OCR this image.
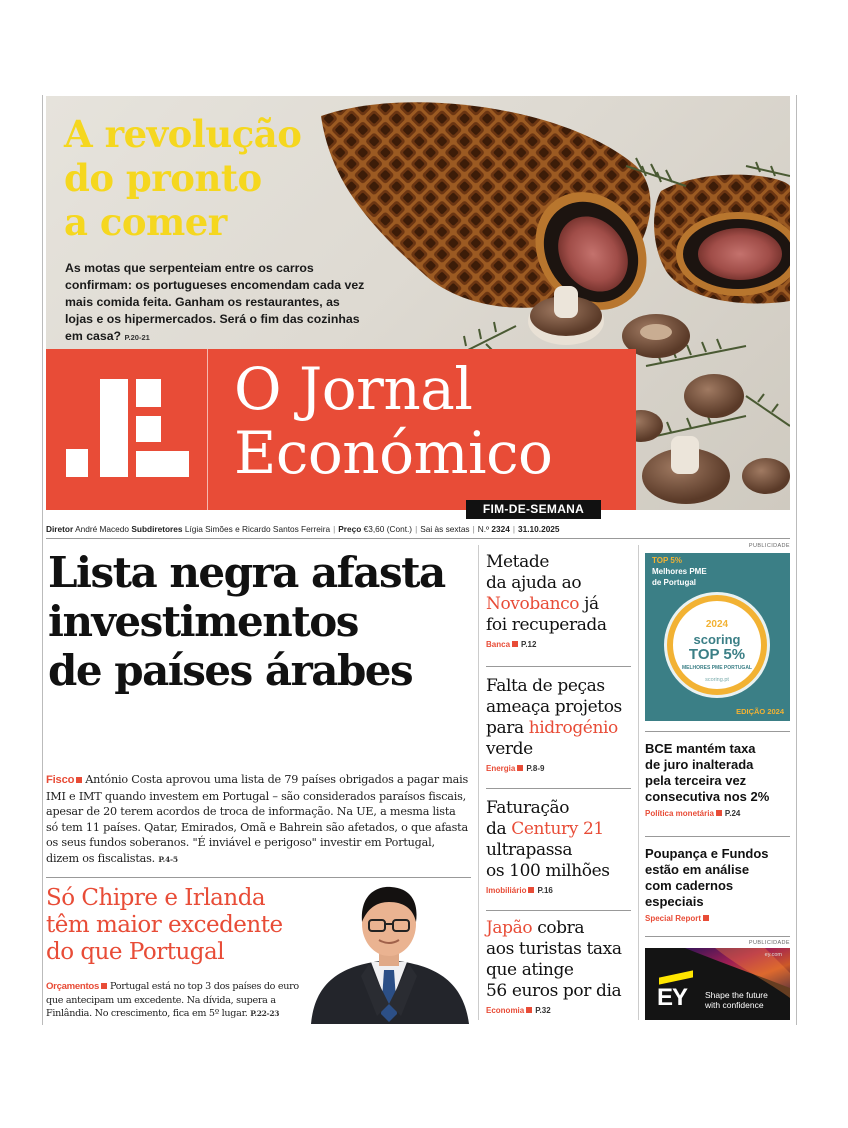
A revolução
do pronto
a comer
As motas que serpenteiam entre os carros confirmam: os portugueses encomendam cada vez mais comida feita. Ganham os restaurantes, as lojas e os hipermercados. Será o fim das cozinhas em casa? P.20-21
O Jornal
Económico
FIM-DE-SEMANA
Diretor André Macedo Subdiretores Lígia Simões e Ricardo Santos Ferreira | Preço €3,60 (Cont.) | Sai às sextas | N.º 2324 | 31.10.2025
Lista negra afasta
investimentos
de países árabes
Fisco António Costa aprovou uma lista de 79 países obrigados a pagar mais IMI e IMT quando investem em Portugal – são considerados paraísos fiscais, apesar de 20 terem acordos de troca de informação. Na UE, a mesma lista só tem 11 países. Qatar, Emirados, Omã e Bahrein são afetados, o que afasta os seus fundos soberanos. "É inviável e perigoso" investir em Portugal, dizem os fiscalistas. P.4-5
Só Chipre e Irlanda
têm maior excedente
do que Portugal
Orçamentos Portugal está no top 3 dos países do euro que antecipam um excedente. Na dívida, supera a Finlândia. No crescimento, fica em 5º lugar. P.22-23
Metade
da ajuda ao
Novobanco já
foi recuperada
Banca P.12
Falta de peças
ameaça projetos
para hidrogénio
verde
Energia P.8-9
Faturação
da Century 21
ultrapassa
os 100 milhões
Imobiliário P.16
Japão cobra
aos turistas taxa
que atinge
56 euros por dia
Economia P.32
PUBLICIDADE
TOP 5%
Melhores PME
de Portugal
2024
scoring
TOP 5%
MELHORES PME PORTUGAL
scoring.pt
EDIÇÃO 2024
BCE mantém taxa
de juro inalterada
pela terceira vez
consecutiva nos 2%
Política monetária P.24
Poupança e Fundos
estão em análise
com cadernos
especiais
Special Report
PUBLICIDADE
ey.com
EY Shape the future
with confidence
